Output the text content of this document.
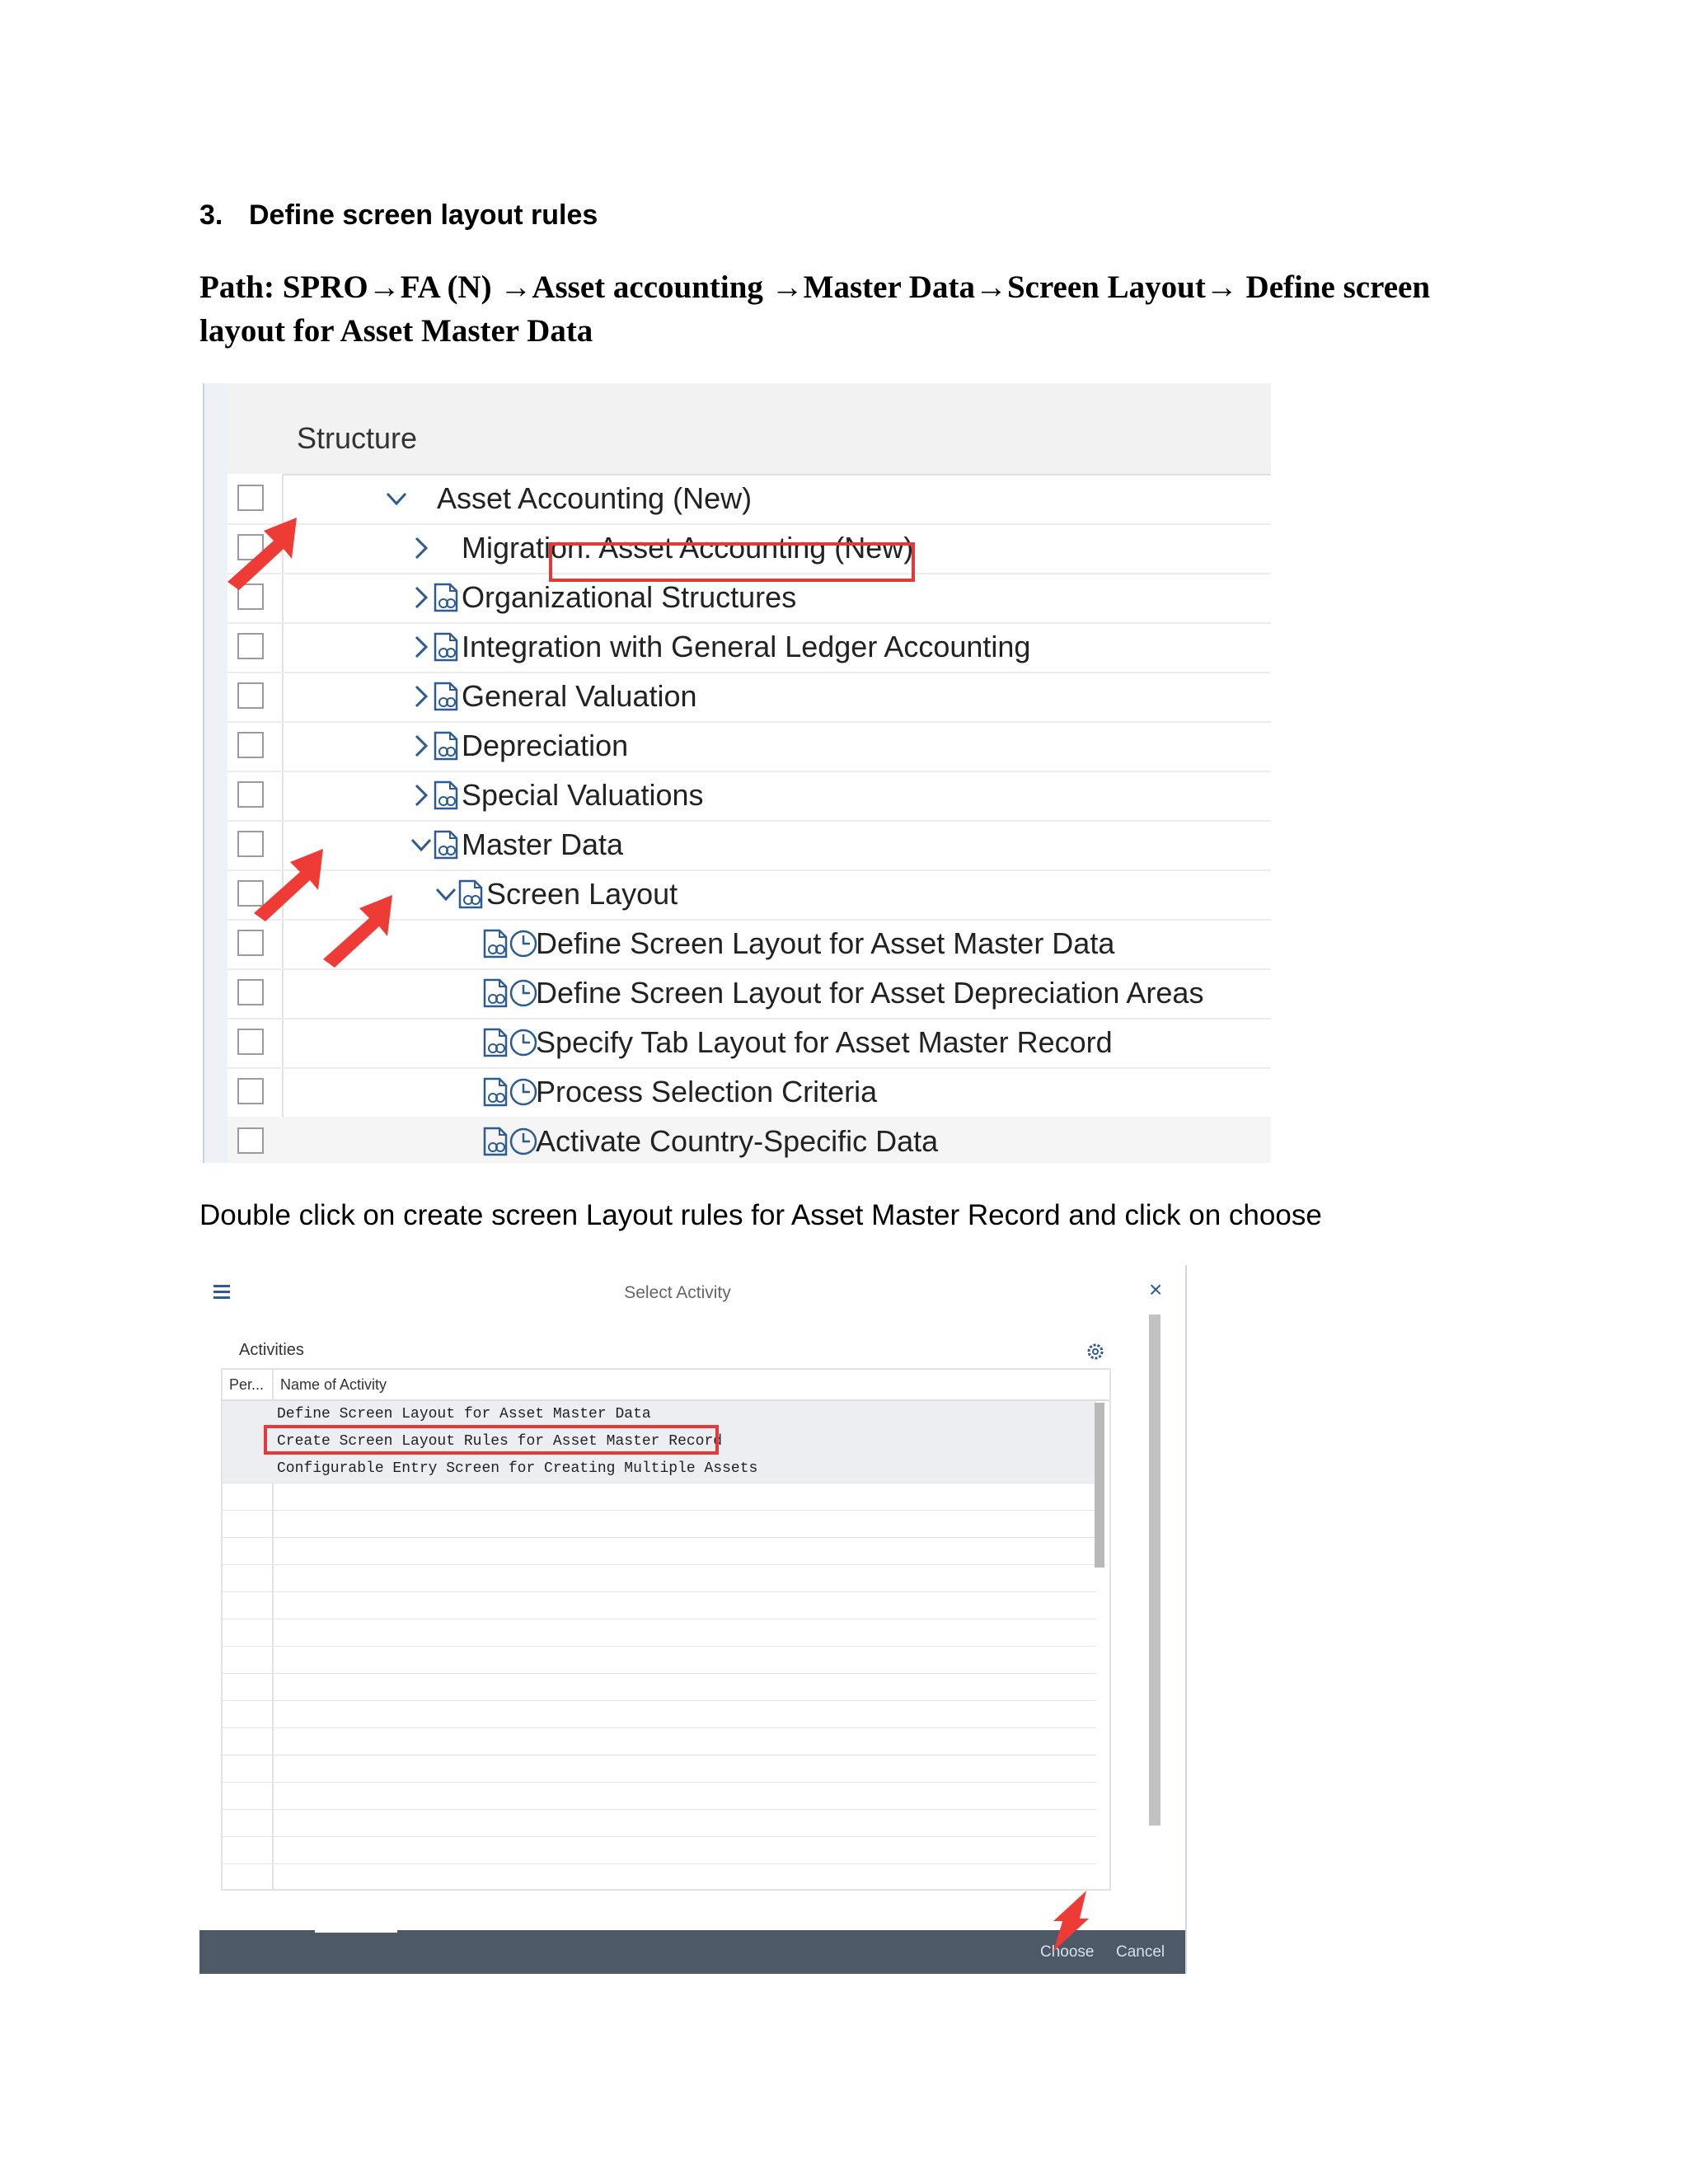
3. Define screen layout rules
Path: SPRO→FA (N) →Asset accounting →Master Data→Screen Layout→ Define screen layout for Asset Master Data
Structure
Asset Accounting (New)
Migration: Asset Accounting (New)
Organizational Structures
Integration with General Ledger Accounting
General Valuation
Depreciation
Special Valuations
Master Data
Screen Layout
Define Screen Layout for Asset Master Data
Define Screen Layout for Asset Depreciation Areas
Specify Tab Layout for Asset Master Record
Process Selection Criteria
Activate Country-Specific Data
Double click on create screen Layout rules for Asset Master Record and click on choose
Select Activity	×
Activities
Per... Name of Activity
Define Screen Layout for Asset Master Data
Create Screen Layout Rules for Asset Master Record
Configurable Entry Screen for Creating Multiple Assets
Choose Cancel
